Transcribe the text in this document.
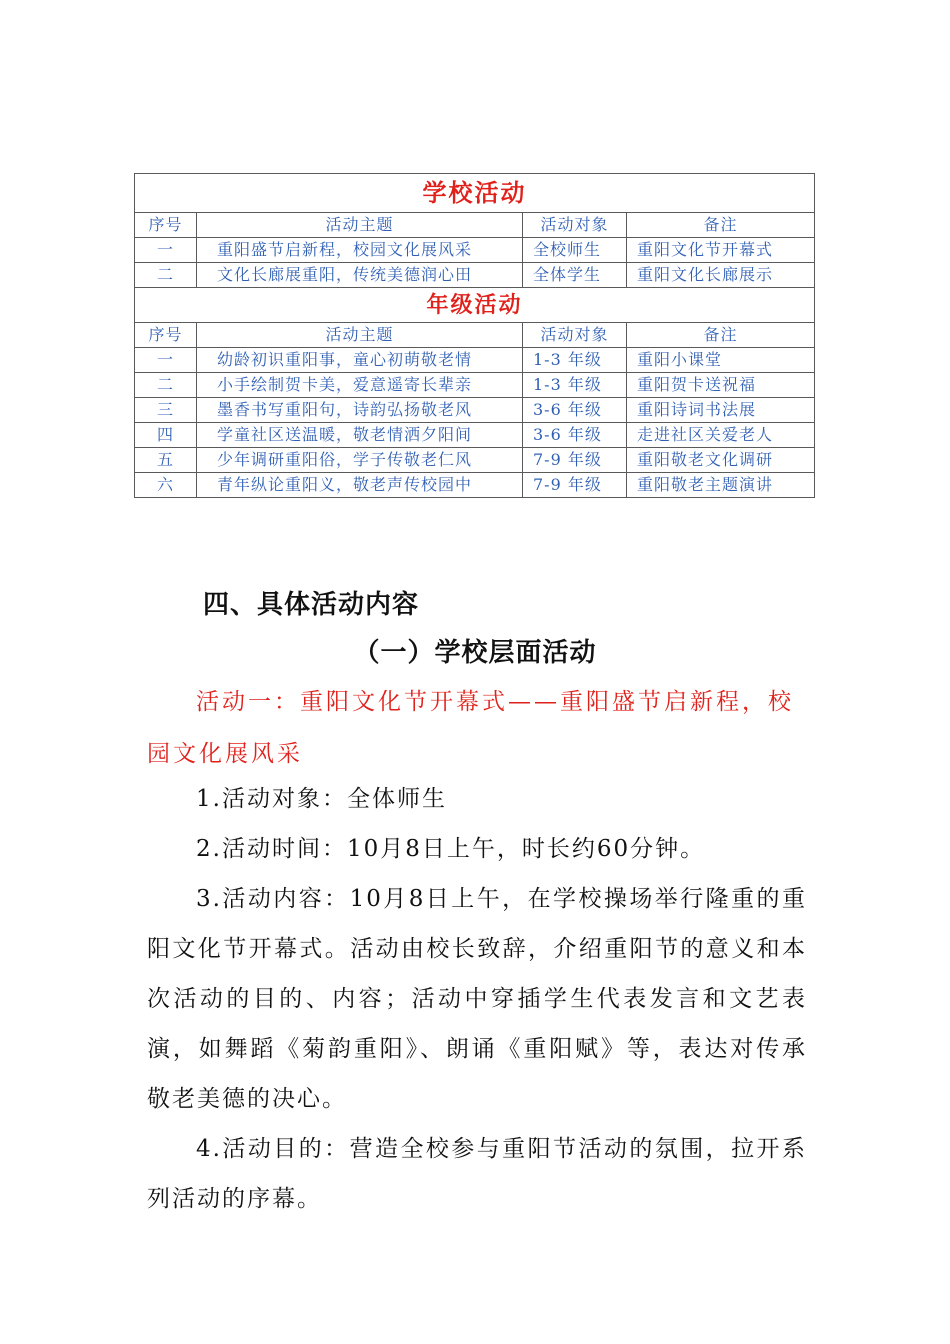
学校活动			
序号	活动主题	活动对象	备注
一	重阳盛节启新程，校园文化展风采	全校师生	重阳文化节开幕式
二	文化长廊展重阳，传统美德润心田	全体学生	重阳文化长廊展示
年级活动			
序号	活动主题	活动对象	备注
一	幼龄初识重阳事，童心初萌敬老情	1-3 年级	重阳小课堂
二	小手绘制贺卡美，爱意遥寄长辈亲	1-3 年级	重阳贺卡送祝福
三	墨香书写重阳句，诗韵弘扬敬老风	3-6 年级	重阳诗词书法展
四	学童社区送温暖，敬老情洒夕阳间	3-6 年级	走进社区关爱老人
五	少年调研重阳俗，学子传敬老仁风	7-9 年级	重阳敬老文化调研
六	青年纵论重阳义，敬老声传校园中	7-9 年级	重阳敬老主题演讲
四、具体活动内容
（一）学校层面活动

活动一：重阳文化节开幕式——重阳盛节启新程，校园文化展风采

1.活动对象：全体师生

2.活动时间：10月8日上午，时长约60分钟。

3.活动内容：10月8日上午，在学校操场举行隆重的重阳文化节开幕式。活动由校长致辞，介绍重阳节的意义和本次活动的目的、内容；活动中穿插学生代表发言和文艺表演，如舞蹈《菊韵重阳》、朗诵《重阳赋》等，表达对传承敬老美德的决心。

4.活动目的：营造全校参与重阳节活动的氛围，拉开系列活动的序幕。
